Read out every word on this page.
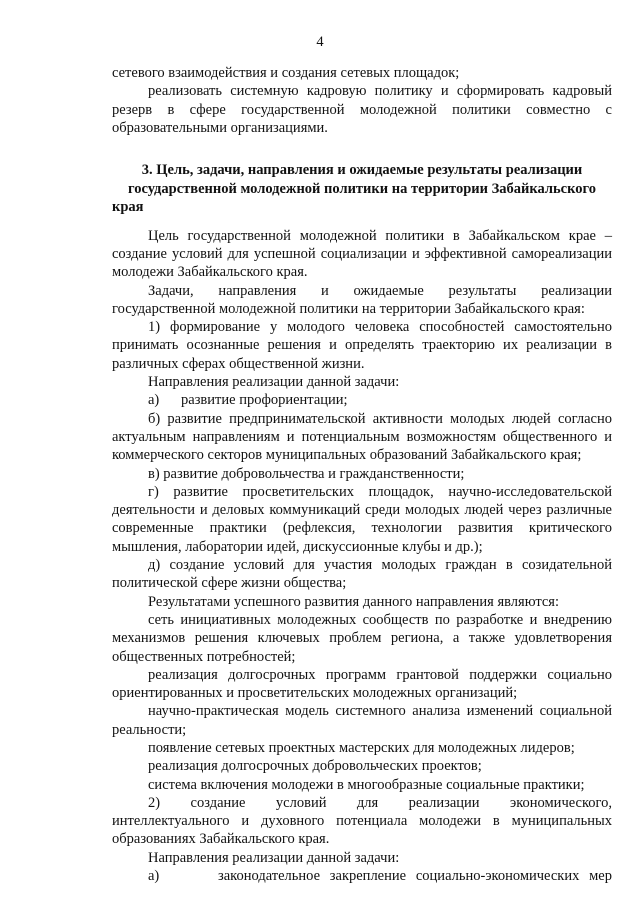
4

сетевого взаимодействия и создания сетевых площадок;

реализовать системную кадровую политику и сформировать кадровый резерв в сфере государственной молодежной политики совместно с образовательными организациями.

3. Цель, задачи, направления и ожидаемые результаты реализации государственной молодежной политики на территории Забайкальского края

Цель государственной молодежной политики в Забайкальском крае – создание условий для успешной социализации и эффективной самореализации молодежи Забайкальского края.

Задачи, направления и ожидаемые результаты реализации государственной молодежной политики на территории Забайкальского края:

1) формирование у молодого человека способностей самостоятельно принимать осознанные решения и определять траекторию их реализации в различных сферах общественной жизни.

Направления реализации данной задачи:

а)      развитие профориентации;

б) развитие предпринимательской активности молодых людей согласно актуальным направлениям и потенциальным возможностям общественного и коммерческого секторов муниципальных образований Забайкальского края;

в) развитие добровольчества и гражданственности;

г) развитие просветительских площадок, научно-исследовательской деятельности и деловых коммуникаций среди молодых людей через различные современные практики (рефлексия, технологии развития критического мышления, лаборатории идей, дискуссионные клубы и др.);

д) создание условий для участия молодых граждан в созидательной политической сфере жизни общества;

Результатами успешного развития данного направления являются:

сеть инициативных молодежных сообществ по разработке и внедрению механизмов решения ключевых проблем региона, а также удовлетворения общественных потребностей;

реализация долгосрочных программ грантовой поддержки социально ориентированных и просветительских молодежных организаций;

научно-практическая модель системного анализа изменений социальной реальности;

появление сетевых проектных мастерских для молодежных лидеров;

реализация долгосрочных добровольческих проектов;

система включения молодежи в многообразные социальные практики;

2)     создание     условий     для     реализации     экономического, интеллектуального и духовного потенциала молодежи в муниципальных образованиях Забайкальского края.

Направления реализации данной задачи:

а)      законодательное закрепление социально-экономических мер
